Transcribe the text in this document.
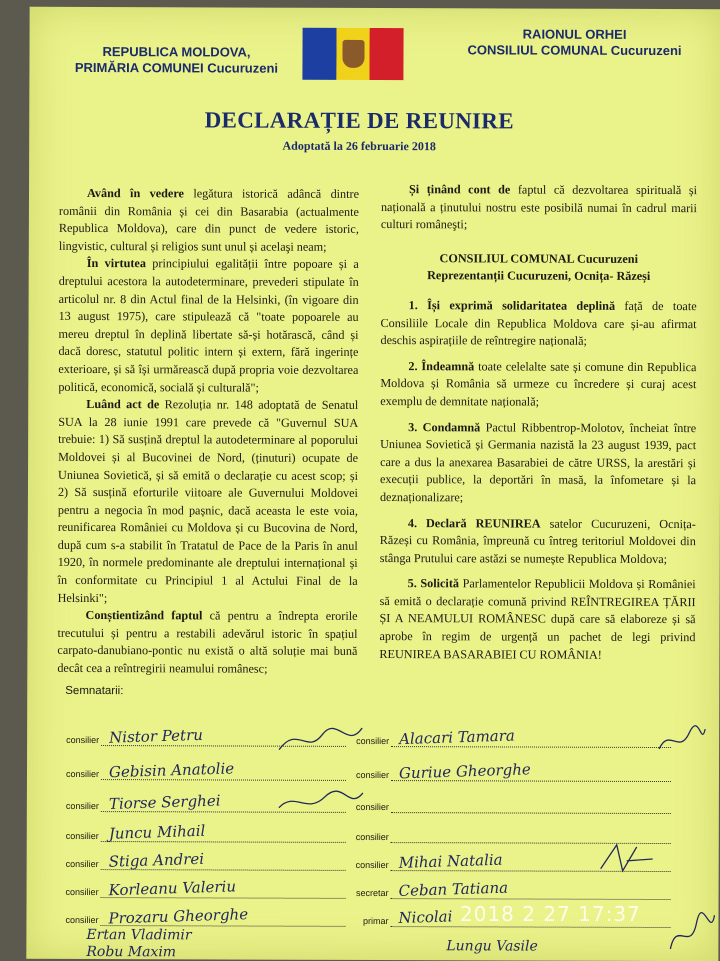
REPUBLICA MOLDOVA,
PRIMĂRIA COMUNEI Cucuruzeni
RAIONUL ORHEI
CONSILIUL COMUNAL Cucuruzeni
DECLARAȚIE DE REUNIRE
Adoptată la 26 februarie 2018

Având în vedere legătura istorică adâncă dintre românii din România și cei din Basarabia (actualmente Republica Moldova), care din punct de vedere istoric, lingvistic, cultural și religios sunt unul și acelaşi neam;

În virtutea principiului egalității între popoare și a dreptului acestora la autodeterminare, prevederi stipulate în articolul nr. 8 din Actul final de la Helsinki, (în vigoare din 13 august 1975), care stipulează că "toate popoarele au mereu dreptul în deplină libertate să-și hotărască, când și dacă doresc, statutul politic intern și extern, fără ingerințe exterioare, și să își urmărească după propria voie dezvoltarea politică, economică, socială și culturală";

Luând act de Rezoluția nr. 148 adoptată de Senatul SUA la 28 iunie 1991 care prevede că "Guvernul SUA trebuie: 1) Să susțină dreptul la autodeterminare al poporului Moldovei și al Bucovinei de Nord, (ținuturi) ocupate de Uniunea Sovietică, și să emită o declarație cu acest scop; și 2) Să susțină eforturile viitoare ale Guvernului Moldovei pentru a negocia în mod pașnic, dacă aceasta le este voia, reunificarea României cu Moldova și cu Bucovina de Nord, după cum s-a stabilit în Tratatul de Pace de la Paris în anul 1920, în normele predominante ale dreptului internațional și în conformitate cu Principiul 1 al Actului Final de la Helsinki";

Conștientizând faptul că pentru a îndrepta erorile trecutului și pentru a restabili adevărul istoric în spațiul carpato-danubiano-pontic nu există o altă soluție mai bună decât cea a reîntregirii neamului românesc;

Și ținând cont de faptul că dezvoltarea spirituală și națională a ținutului nostru este posibilă numai în cadrul marii culturi româneşti;

CONSILIUL COMUNAL Cucuruzeni

Reprezentanții Cucuruzeni, Ocnița- Răzeși

1. Își exprimă solidaritatea deplină față de toate Consiliile Locale din Republica Moldova care și-au afirmat deschis aspirațiile de reîntregire națională;

2. Îndeamnă toate celelalte sate și comune din Republica Moldova și România să urmeze cu încredere și curaj acest exemplu de demnitate națională;

3. Condamnă Pactul Ribbentrop-Molotov, încheiat între Uniunea Sovietică și Germania nazistă la 23 august 1939, pact care a dus la anexarea Basarabiei de către URSS, la arestări și execuții publice, la deportări în masă, la înfometare și la deznaționalizare;

4. Declară REUNIREA satelor Cucuruzeni, Ocnița- Răzeși cu România, împreună cu întreg teritoriul Moldovei din stânga Prutului care astăzi se numește Republica Moldova;

5. Solicită Parlamentelor Republicii Moldova și României să emită o declarație comună privind REÎNTREGIREA ȚĂRII ȘI A NEAMULUI ROMÂNESC după care să elaboreze și să aprobe în regim de urgență un pachet de legi privind REUNIREA BASARABIEI CU ROMÂNIA!

Semnatarii:
consilier Nistor Petru
consilier Gebisin Anatolie
consilier Tiorse Serghei
consilier Juncu Mihail
consilier Stiga Andrei
consilier Korleanu Valeriu
consilier Prozaru Gheorghe
consilier Alacari Tamara
consilier Guriue Gheorghe
consilier
consilier
consilier Mihai Natalia
secretar Ceban Tatiana
primar Nicolai
Ertan Vladimir
Robu Maxim	Lungu Vasile
2018 2 27 17:37
